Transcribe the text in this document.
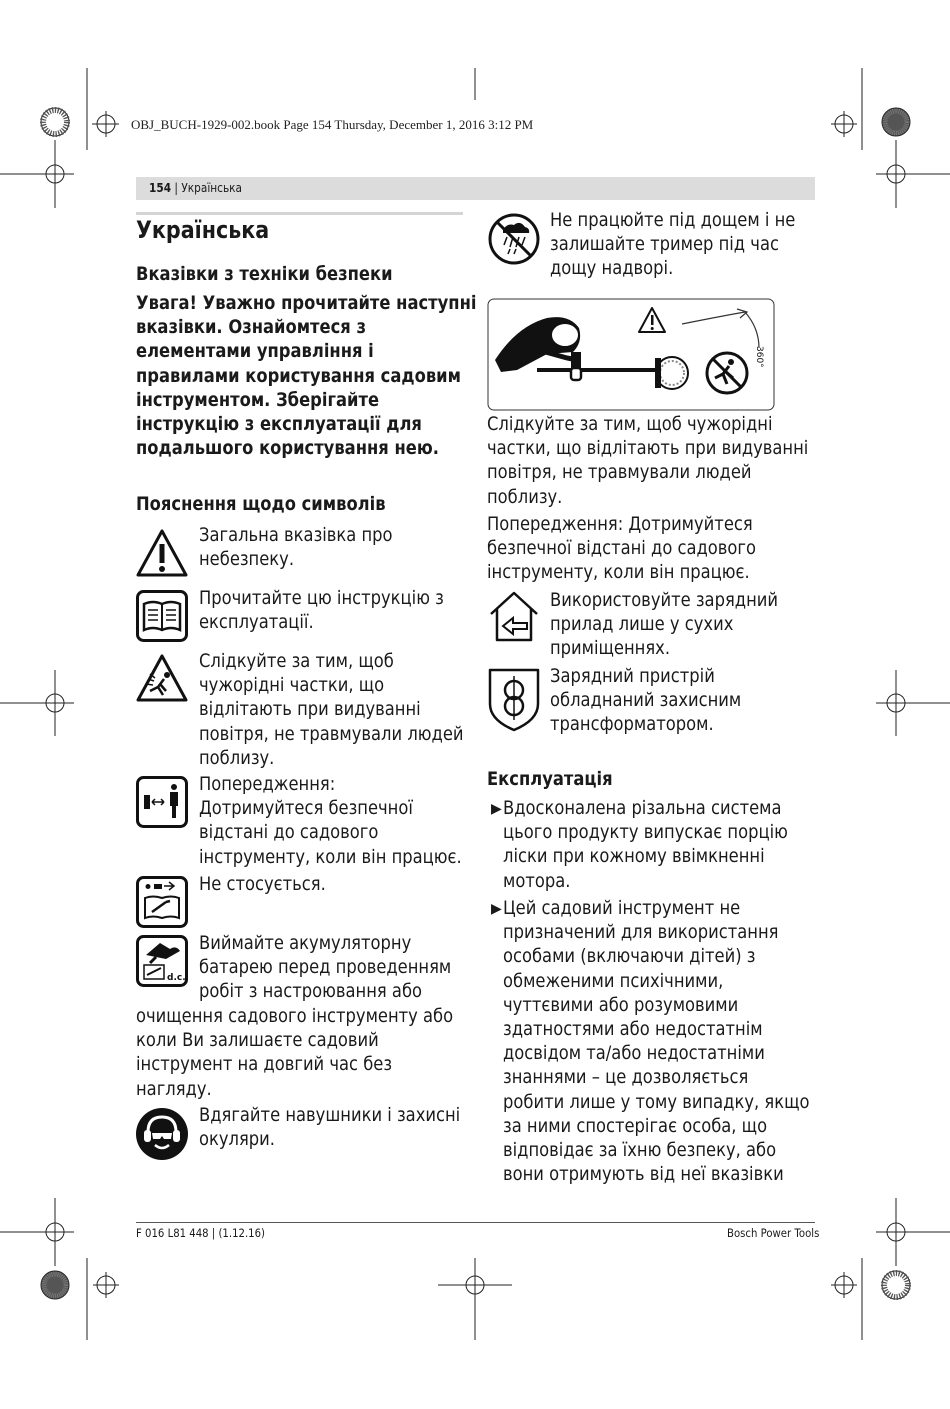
OBJ_BUCH-1929-002.book Page 154 Thursday, December 1, 2016 3:12 PM
154 | Українська
Українська
Вказівки з техніки безпеки
Увага! Уважно прочитайте наступні
вказівки. Ознайомтеся з
елементами управління і
правилами користування садовим
інструментом. Зберігайте
інструкцію з експлуатації для
подальшого користування нею.
Пояснення щодо символів
Загальна вказівка про
небезпеку.
Прочитайте цю інструкцію з
експлуатації.
Слідкуйте за тим, щоб
чужорідні частки, що
відлітають при видуванні
повітря, не травмували людей
поблизу.
Попередження:
Дотримуйтеся безпечної
відстані до садового
інструменту, коли він працює.
Не стосується.
d.c.
Виймайте акумуляторну
батарею перед проведенням
робіт з настроювання або
очищення садового інструменту або
коли Ви залишаєте садовий
інструмент на довгий час без
нагляду.
Вдягайте навушники і захисні
окуляри.
Не працюйте під дощем і не
залишайте тример під час
дощу надворі.
360°
Слідкуйте за тим, щоб чужорідні
частки, що відлітають при видуванні
повітря, не травмували людей
поблизу.
Попередження: Дотримуйтеся
безпечної відстані до садового
інструменту, коли він працює.
Використовуйте зарядний
прилад лише у сухих
приміщеннях.
Зарядний пристрій
обладнаний захисним
трансформатором.
Експлуатація
▶ Вдосконалена різальна система
цього продукту випускає порцію
ліски при кожному ввімкненні
мотора.
▶ Цей садовий інструмент не
призначений для використання
особами (включаючи дітей) з
обмеженими психічними,
чуттєвими або розумовими
здатностями або недостатнім
досвідом та/або недостатніми
знаннями – це дозволяється
робити лише у тому випадку, якщо
за ними спостерігає особа, що
відповідає за їхню безпеку, або
вони отримують від неї вказівки
F 016 L81 448 | (1.12.16)	Bosch Power Tools
